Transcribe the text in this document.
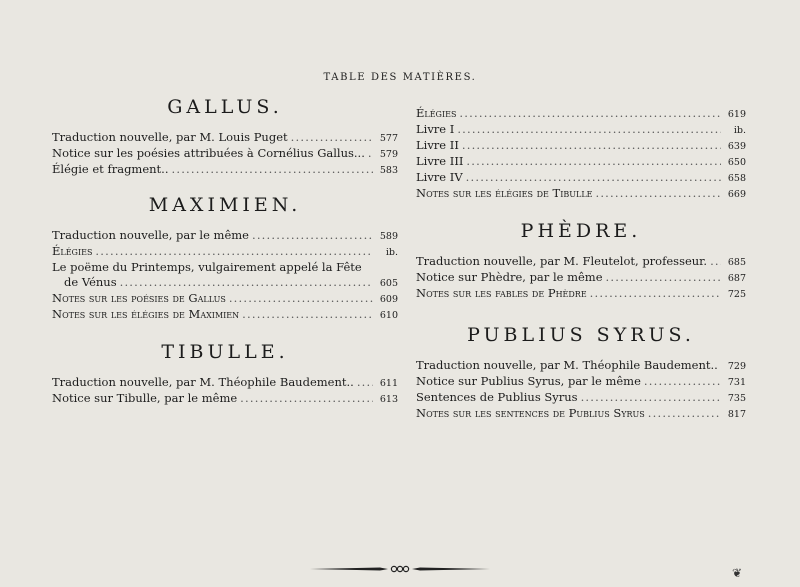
TABLE DES MATIÈRES.
GALLUS.
Traduction nouvelle, par M. Louis Puget .....	577
Notice sur les poésies attribuées à Cornélius Gallus... .....	579
Élégie et fragment.. .....	583
MAXIMIEN.
Traduction nouvelle, par le même .....	589
Élégies .....	ib.
Le poëme du Printemps, vulgairement appelé la Fête
de Vénus .....	605
Notes sur les poésies de Gallus .....	609
Notes sur les élégies de Maximien .....	610
TIBULLE.
Traduction nouvelle, par M. Théophile Baudement.. .....	611
Notice sur Tibulle, par le même .....	613
Élégies .....	619
Livre I .....	ib.
Livre II .....	639
Livre III .....	650
Livre IV .....	658
Notes sur les élégies de Tibulle .....	669
PHÈDRE.
Traduction nouvelle, par M. Fleutelot, professeur. .....	685
Notice sur Phèdre, par le même .....	687
Notes sur les fables de Phèdre .....	725
PUBLIUS SYRUS.
Traduction nouvelle, par M. Théophile Baudement.. .....	729
Notice sur Publius Syrus, par le même .....	731
Sentences de Publius Syrus .....	735
Notes sur les sentences de Publius Syrus .....	817
❦
